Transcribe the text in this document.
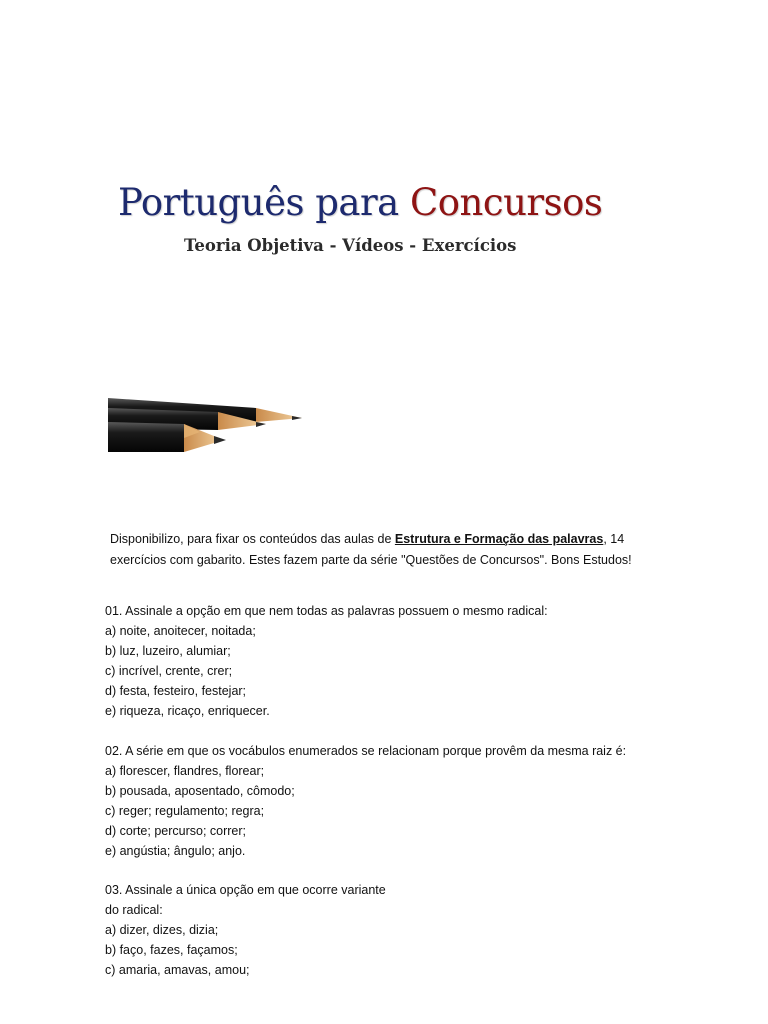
Português para Concursos
Teoria Objetiva - Vídeos - Exercícios
Disponibilizo, para fixar os conteúdos das aulas de Estrutura e Formação das palavras, 14 exercícios com gabarito. Estes fazem parte da série "Questões de Concursos". Bons Estudos!
01. Assinale a opção em que nem todas as palavras possuem o mesmo radical:
a) noite, anoitecer, noitada;
b) luz, luzeiro, alumiar;
c) incrível, crente, crer;
d) festa, festeiro, festejar;
e) riqueza, ricaço, enriquecer.
02. A série em que os vocábulos enumerados se relacionam porque provêm da mesma raiz é:
a) florescer, flandres, florear;
b) pousada, aposentado, cômodo;
c) reger; regulamento; regra;
d) corte; percurso; correr;
e) angústia; ângulo; anjo.
03. Assinale a única opção em que ocorre variante
do radical:
a) dizer, dizes, dizia;
b) faço, fazes, façamos;
c) amaria, amavas, amou;
